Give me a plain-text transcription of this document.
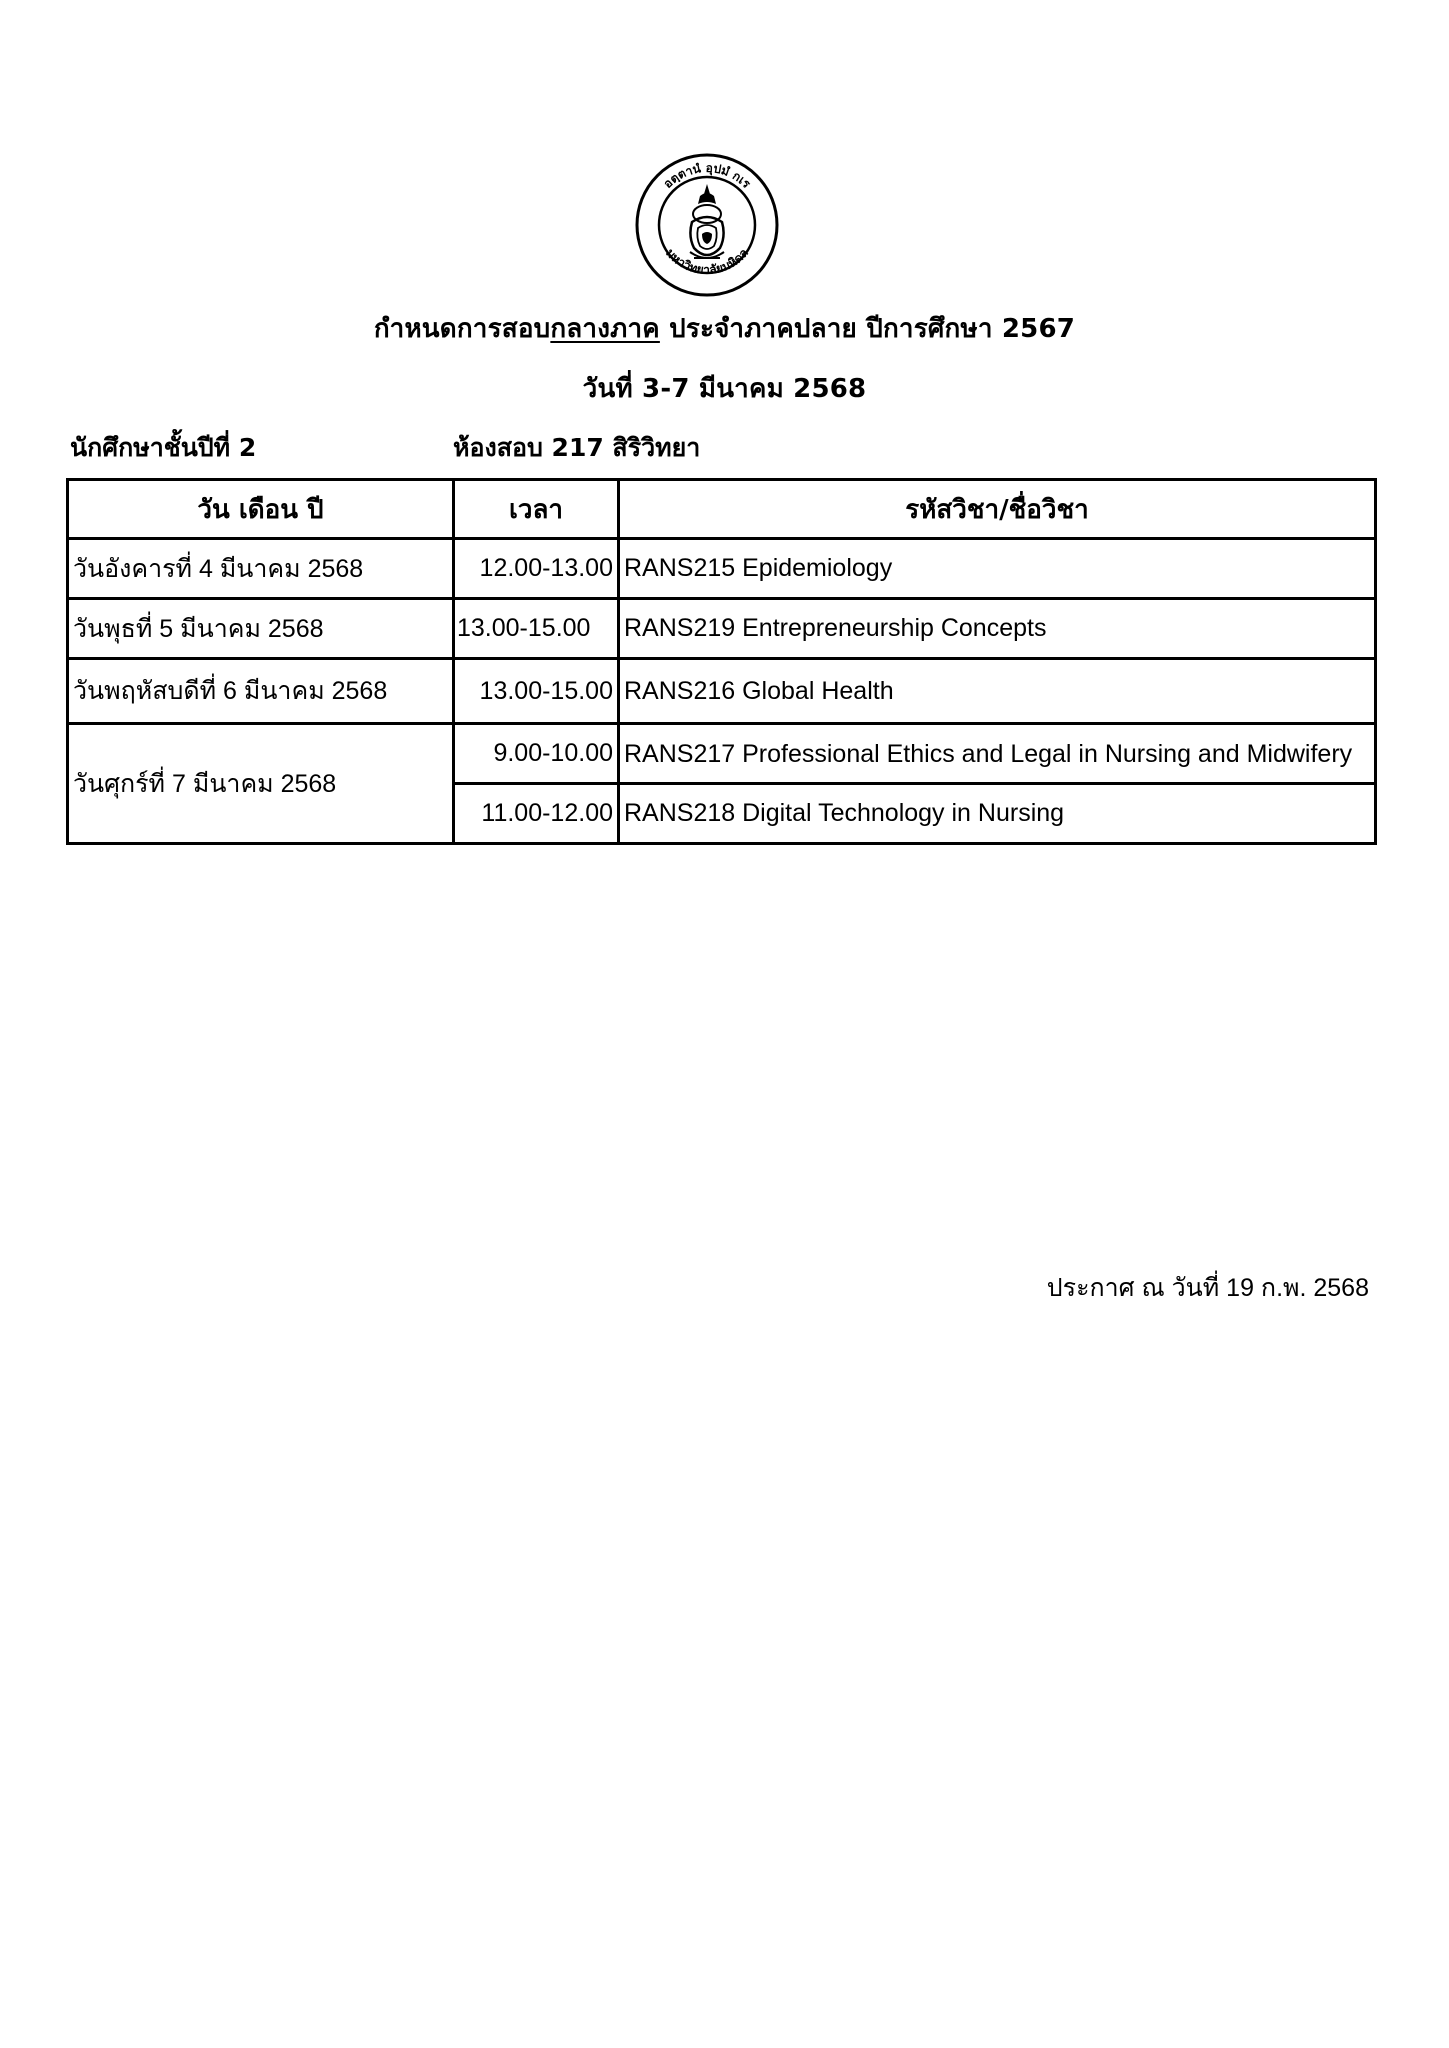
อตฺตานํ อุปมํ กเร
มหาวิทยาลัยมหิดล
กำหนดการสอบกลางภาค ประจำภาคปลาย ปีการศึกษา 2567
วันที่ 3-7 มีนาคม 2568
นักศึกษาชั้นปีที่ 2	ห้องสอบ 217 สิริวิทยา
วัน เดือน ปี	เวลา	รหัสวิชา/ชื่อวิชา
วันอังคารที่ 4 มีนาคม 2568	12.00-13.00	RANS215 Epidemiology
วันพุธที่ 5 มีนาคม 2568	13.00-15.00	RANS219 Entrepreneurship Concepts
วันพฤหัสบดีที่ 6 มีนาคม 2568	13.00-15.00	RANS216 Global Health
วันศุกร์ที่ 7 มีนาคม 2568	9.00-10.00	RANS217 Professional Ethics and Legal in Nursing and Midwifery
	11.00-12.00	RANS218 Digital Technology in Nursing
ประกาศ ณ วันที่ 19 ก.พ. 2568
